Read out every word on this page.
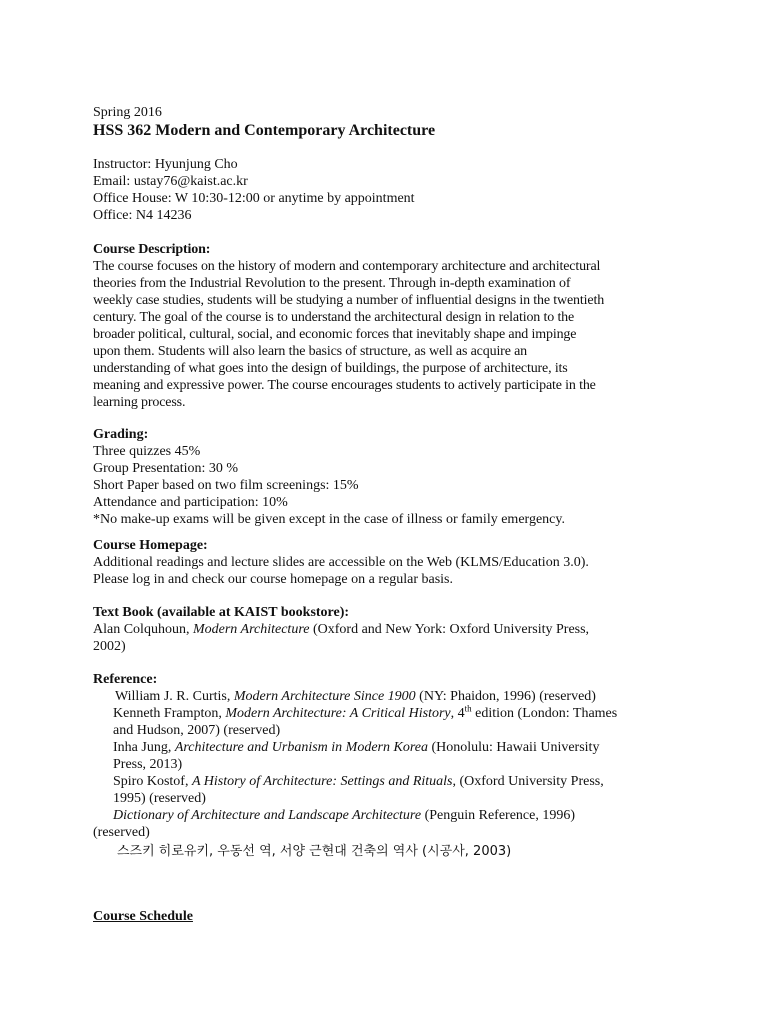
Spring 2016
HSS 362 Modern and Contemporary Architecture
Instructor: Hyunjung Cho
Email: ustay76@kaist.ac.kr
Office House: W 10:30-12:00 or anytime by appointment
Office: N4 14236
Course Description:
The course focuses on the history of modern and contemporary architecture and architectural
theories from the Industrial Revolution to the present. Through in-depth examination of
weekly case studies, students will be studying a number of influential designs in the twentieth
century. The goal of the course is to understand the architectural design in relation to the
broader political, cultural, social, and economic forces that inevitably shape and impinge
upon them. Students will also learn the basics of structure, as well as acquire an
understanding of what goes into the design of buildings, the purpose of architecture, its
meaning and expressive power. The course encourages students to actively participate in the
learning process.
Grading:
Three quizzes 45%
Group Presentation: 30 %
Short Paper based on two film screenings: 15%
Attendance and participation: 10%
*No make-up exams will be given except in the case of illness or family emergency.
Course Homepage:
Additional readings and lecture slides are accessible on the Web (KLMS/Education 3.0).
Please log in and check our course homepage on a regular basis.
Text Book (available at KAIST bookstore):
Alan Colquhoun, Modern Architecture (Oxford and New York: Oxford University Press,
2002)
Reference:
William J. R. Curtis, Modern Architecture Since 1900 (NY: Phaidon, 1996) (reserved)
Kenneth Frampton, Modern Architecture: A Critical History, 4th edition (London: Thames
and Hudson, 2007) (reserved)
Inha Jung, Architecture and Urbanism in Modern Korea (Honolulu: Hawaii University
Press, 2013)
Spiro Kostof, A History of Architecture: Settings and Rituals, (Oxford University Press,
1995) (reserved)
Dictionary of Architecture and Landscape Architecture (Penguin Reference, 1996)
(reserved)
스즈키 히로유키, 우동선 역, 서양 근현대 건축의 역사 (시공사, 2003)
Course Schedule
